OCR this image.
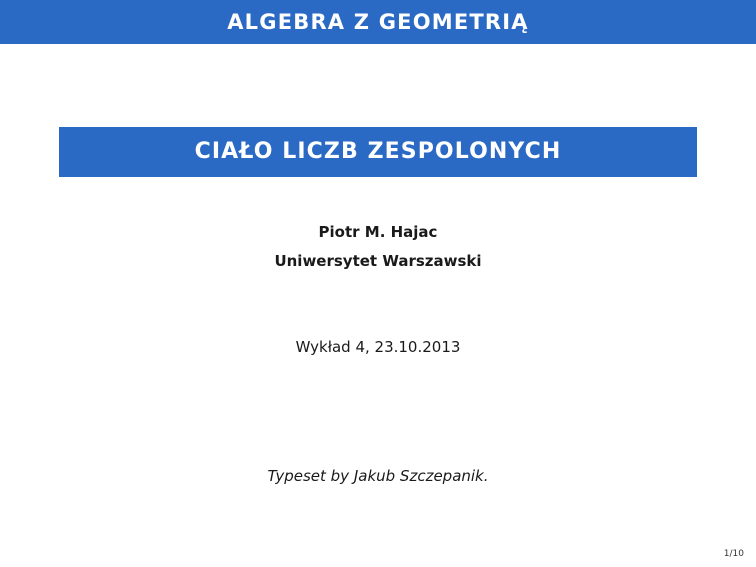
ALGEBRA Z GEOMETRIĄ
CIAŁO LICZB ZESPOLONYCH
Piotr M. Hajac
Uniwersytet Warszawski
Wykład 4, 23.10.2013
Typeset by Jakub Szczepanik.
1/10
